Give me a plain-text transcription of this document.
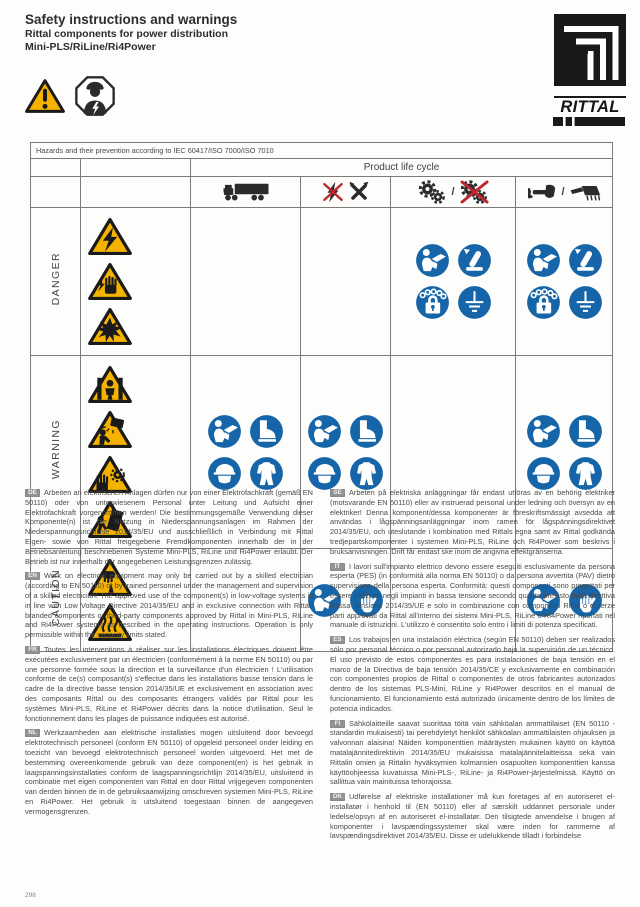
Safety instructions and warnings
Rittal components for power distribution
Mini-PLS/RiLine/Ri4Power
RITTAL
Hazards and their prevention according to IEC 60417/ISO 7000/ISO 7010					
		Product life cycle			

/	/

DANGER	

WARNING	

CAUTION	

DE Arbeiten an elektrischen Anlagen dürfen nur von einer Elektrofachkraft (gemäß EN 50110) oder von unterwiesenem Personal unter Leitung und Aufsicht einer Elektrofachkraft vorgenommen werden! Die bestimmungsgemäße Verwendung dieser Komponente(n) ist die Nutzung in Niederspannungsanlagen im Rahmen der Niederspannungsrichtlinie 2014/35/EU und ausschließlich in Verbindung mit Rittal Eigen- sowie von Rittal freigegebene Fremdkomponenten innerhalb der in der Betriebsanleitung beschriebenen Systeme Mini-PLS, RiLine und Ri4Power erlaubt. Der Betrieb ist nur innerhalb der angegebenen Leistungsgrenzen zulässig.

EN Work on electrical equipment may only be carried out by a skilled electrician (according to EN 50110) or by trained personnel under the management and supervision of a skilled electrician! The approved use of the component(s) in low-voltage systems is in line with Low Voltage Directive 2014/35/EU and in exclusive connection with Rittal-branded components or third-party components approved by Rittal in Mini-PLS, RiLine and Ri4Power systems as described in the operating instructions. Operation is only permissible within the capacity limits stated.

FR Toutes les interventions à réaliser sur les installations électriques doivent être exécutées exclusivement par un électricien (conformément à la norme EN 50110) ou par une personne formée sous la direction et la surveillance d'un électricien ! L'utilisation conforme de ce(s) composant(s) s'effectue dans les installations basse tension dans le cadre de la directive basse tension 2014/35/UE et exclusivement en association avec des composants Rittal ou des composants étrangers validés par Rittal pour les systèmes Mini-PLS, RiLine et Ri4Power décrits dans la notice d'utilisation. Seul le fonctionnement dans les plages de puissance indiquées est autorisé.

NL Werkzaamheden aan elektrische installaties mogen uitsluitend door bevoegd elektrotechnisch personeel (conform EN 50110) of opgeleid personeel onder leiding en toezicht van bevoegd elektrotechnisch personeel worden uitgevoerd. Het met de bestemming overeenkomende gebruik van deze component(en) is het gebruik in laagspanningsinstallaties conform de laagspanningsrichtlijn 2014/35/EU, uitsluitend in combinatie met eigen componenten van Rittal en door Rittal vrijgegeven componenten van derden binnen de in de gebruiksaanwijzing omschreven systemen Mini-PLS, RiLine en Ri4Power. Het gebruik is uitsluitend toegestaan binnen de aangegeven vermogensgrenzen.

SE Arbeten på elektriska anläggningar får endast utföras av en behörig elektriker (motsvarande EN 50110) eller av instruerad personal under ledning och översyn av en elektriker! Denna komponent/dessa komponenter är föreskriftsmässigt avsedda att användas i lågspänningsanläggningar inom ramen för lågspänningsdirektivet 2014/35/EU, och uteslutande i kombination med Rittals egna samt av Rittal godkända tredjepartskomponenter i systemen Mini-PLS, RiLine och Ri4Power som beskrivs i bruksanvisningen. Drift får endast ske inom de angivna effektgränserna.

IT	I lavori sull'impianto elettrico devono essere eseguiti esclusivamente da persona esperta (PES) (in conformità alla norma EN 50110) o da persona avvertita (PAV) dietro supervisione della persona esperta. Conformità: questi componenti sono progettati per essere utilizzati negli impianti in bassa tensione secondo quanto previsto dalla direttiva Bassa Tensione 2014/35/UE e solo in combinazione con componenti Rittal o di terze parti approvati da Rittal all'interno dei sistemi Mini-PLS, RiLine e Ri4Power riportati nel manuale di istruzioni. L'utilizzo è consentito solo entro i limiti di potenza specificati.

ES Los trabajos en una instalación eléctrica (según EN 50110) deben ser realizados sólo por personal técnico o por personal autorizado bajo la supervisión de un técnico. El uso previsto de estos componentes es para instalaciones de baja tensión en el marco de la Directiva de baja tensión 2014/35/CE y exclusivamente en combinación con componentes propios de Rittal o componentes de otros fabricantes autorizados dentro de los sistemas PLS-Mini, RiLine y Ri4Power descritos en el manual de funcionamiento. El funcionamiento está autorizado únicamente dentro de los límites de potencia indicados.

FI	Sähkölaitteille saavat suorittaa töitä vain sähköalan ammattilaiset (EN 50110 -standardin mukaisesti) tai perehdytetyt henkilöt sähköalan ammattilaisten ohjauksen ja valvonnan alaisina! Näiden komponenttien määräysten mukainen käyttö on käyttöä matalajännitedirektiivin 2014/35/EU mukaisissa matalajännitelaitteissa sekä vain Rittalin omien ja Rittalin hyväksymien kolmansien osapuolten komponenttien kanssa käyttöohjeessa kuvatuissa Mini-PLS-, RiLine- ja Ri4Power-järjestelmissä. Käyttö on sallittua vain mainituissa tehorajoissa.

DK Udførelse af elektriske installationer må kun foretages af en autoriseret el-installatør i henhold til (EN 50110) eller af særskilt uddannet personale under ledelse/opsyn af en autoriseret el-installatør. Den tilsigtede anvendelse i brugen af komponenter i lavspændingssystemer skal være inden for rammerne af lavspændingsdirektivet 2014/35/EU. Disse er udelukkende tilladt i forbindelse

298
